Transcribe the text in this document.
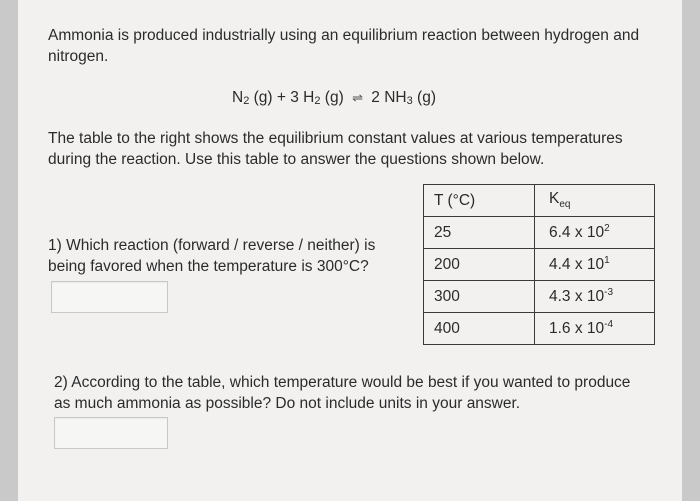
Ammonia is produced industrially using an equilibrium reaction between hydrogen and nitrogen.

$N_2$ (g) + 3 $H_2$ (g) ⇌ 2 $NH_3$ (g)

The table to the right shows the equilibrium constant values at various temperatures during the reaction. Use this table to answer the questions shown below.

1) Which reaction (forward / reverse / neither) is being favored when the temperature is 300°C?

T (°C)	$K_{eq}$
25	6.4 x $10^2$
200	4.4 x $10^1$
300	4.3 x $10^{-3}$
400	1.6 x $10^{-4}$

2) According to the table, which temperature would be best if you wanted to produce as much ammonia as possible? Do not include units in your answer.
